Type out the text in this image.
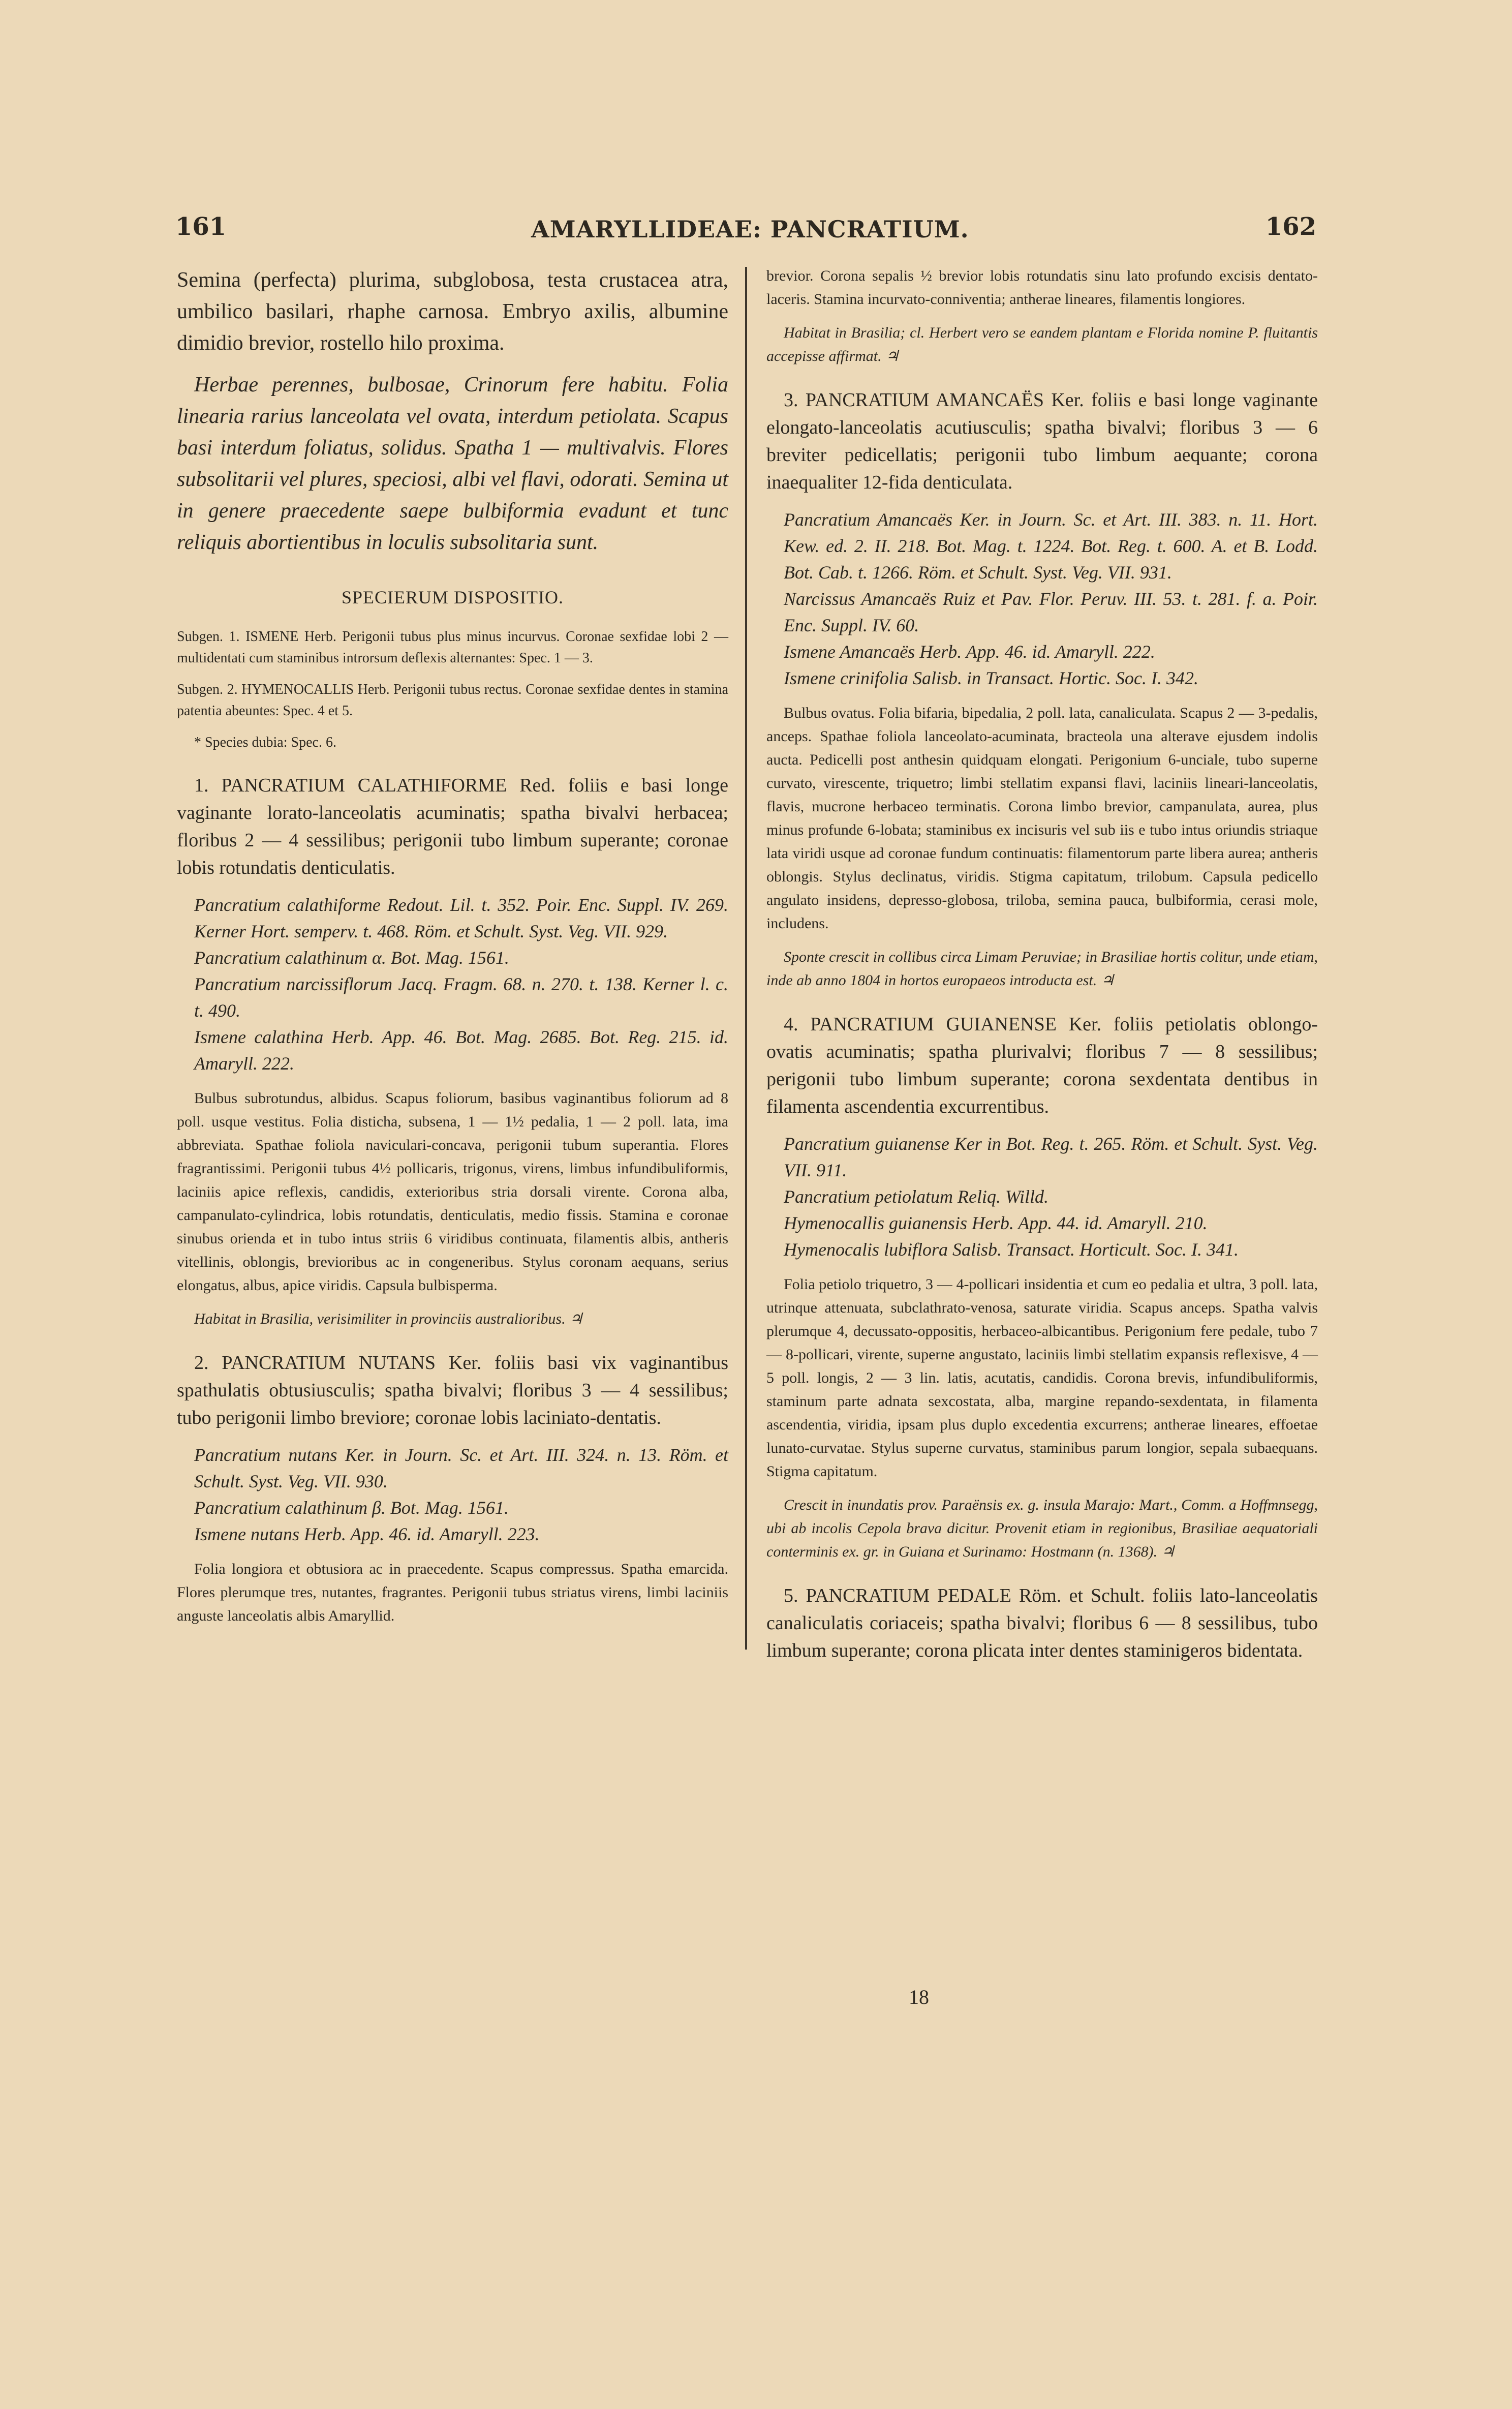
161	AMARYLLIDEAE: PANCRATIUM.	162

Semina (perfecta) plurima, subglobosa, testa crustacea atra, umbilico basilari, rhaphe carnosa. Embryo axilis, albumine dimidio brevior, rostello hilo proxima.

Herbae perennes, bulbosae, Crinorum fere habitu. Folia linearia rarius lanceolata vel ovata, interdum petiolata. Scapus basi interdum foliatus, solidus. Spatha 1 — multivalvis. Flores subsolitarii vel plures, speciosi, albi vel flavi, odorati. Semina ut in genere praecedente saepe bulbiformia evadunt et tunc reliquis abortientibus in loculis subsolitaria sunt.

SPECIERUM DISPOSITIO.

Subgen. 1. ISMENE Herb. Perigonii tubus plus minus incurvus. Coronae sexfidae lobi 2 — multidentati cum staminibus introrsum deflexis alternantes: Spec. 1 — 3.

Subgen. 2. HYMENOCALLIS Herb. Perigonii tubus rectus. Coronae sexfidae dentes in stamina patentia abeuntes: Spec. 4 et 5.

* Species dubia: Spec. 6.

1. PANCRATIUM CALATHIFORME Red. foliis e basi longe vaginante lorato-lanceolatis acuminatis; spatha bivalvi herbacea; floribus 2 — 4 sessilibus; perigonii tubo limbum superante; coronae lobis rotundatis denticulatis.

Pancratium calathiforme Redout. Lil. t. 352. Poir. Enc. Suppl. IV. 269. Kerner Hort. semperv. t. 468. Röm. et Schult. Syst. Veg. VII. 929.

Pancratium calathinum α. Bot. Mag. 1561.

Pancratium narcissiflorum Jacq. Fragm. 68. n. 270. t. 138. Kerner l. c. t. 490.

Ismene calathina Herb. App. 46. Bot. Mag. 2685. Bot. Reg. 215. id. Amaryll. 222.

Bulbus subrotundus, albidus. Scapus foliorum, basibus vaginantibus foliorum ad 8 poll. usque vestitus. Folia disticha, subsena, 1 — 1½ pedalia, 1 — 2 poll. lata, ima abbreviata. Spathae foliola naviculari-concava, perigonii tubum superantia. Flores fragrantissimi. Perigonii tubus 4½ pollicaris, trigonus, virens, limbus infundibuliformis, laciniis apice reflexis, candidis, exterioribus stria dorsali virente. Corona alba, campanulato-cylindrica, lobis rotundatis, denticulatis, medio fissis. Stamina e coronae sinubus orienda et in tubo intus striis 6 viridibus continuata, filamentis albis, antheris vitellinis, oblongis, brevioribus ac in congeneribus. Stylus coronam aequans, serius elongatus, albus, apice viridis. Capsula bulbisperma.

Habitat in Brasilia, verisimiliter in provinciis australioribus. ♃

2. PANCRATIUM NUTANS Ker. foliis basi vix vaginantibus spathulatis obtusiusculis; spatha bivalvi; floribus 3 — 4 sessilibus; tubo perigonii limbo breviore; coronae lobis laciniato-dentatis.

Pancratium nutans Ker. in Journ. Sc. et Art. III. 324. n. 13. Röm. et Schult. Syst. Veg. VII. 930.

Pancratium calathinum β. Bot. Mag. 1561.

Ismene nutans Herb. App. 46. id. Amaryll. 223.

Folia longiora et obtusiora ac in praecedente. Scapus compressus. Spatha emarcida. Flores plerumque tres, nutantes, fragrantes. Perigonii tubus striatus virens, limbi laciniis anguste lanceolatis albis Amaryllid.

brevior. Corona sepalis ½ brevior lobis rotundatis sinu lato profundo excisis dentato-laceris. Stamina incurvato-conniventia; antherae lineares, filamentis longiores.

Habitat in Brasilia; cl. Herbert vero se eandem plantam e Florida nomine P. fluitantis accepisse affirmat. ♃

3. PANCRATIUM AMANCAËS Ker. foliis e basi longe vaginante elongato-lanceolatis acutiusculis; spatha bivalvi; floribus 3 — 6 breviter pedicellatis; perigonii tubo limbum aequante; corona inaequaliter 12-fida denticulata.

Pancratium Amancaës Ker. in Journ. Sc. et Art. III. 383. n. 11. Hort. Kew. ed. 2. II. 218. Bot. Mag. t. 1224. Bot. Reg. t. 600. A. et B. Lodd. Bot. Cab. t. 1266. Röm. et Schult. Syst. Veg. VII. 931.

Narcissus Amancaës Ruiz et Pav. Flor. Peruv. III. 53. t. 281. f. a. Poir. Enc. Suppl. IV. 60.

Ismene Amancaës Herb. App. 46. id. Amaryll. 222.

Ismene crinifolia Salisb. in Transact. Hortic. Soc. I. 342.

Bulbus ovatus. Folia bifaria, bipedalia, 2 poll. lata, canaliculata. Scapus 2 — 3-pedalis, anceps. Spathae foliola lanceolato-acuminata, bracteola una alterave ejusdem indolis aucta. Pedicelli post anthesin quidquam elongati. Perigonium 6-unciale, tubo superne curvato, virescente, triquetro; limbi stellatim expansi flavi, laciniis lineari-lanceolatis, flavis, mucrone herbaceo terminatis. Corona limbo brevior, campanulata, aurea, plus minus profunde 6-lobata; staminibus ex incisuris vel sub iis e tubo intus oriundis striaque lata viridi usque ad coronae fundum continuatis: filamentorum parte libera aurea; antheris oblongis. Stylus declinatus, viridis. Stigma capitatum, trilobum. Capsula pedicello angulato insidens, depresso-globosa, triloba, semina pauca, bulbiformia, cerasi mole, includens.

Sponte crescit in collibus circa Limam Peruviae; in Brasiliae hortis colitur, unde etiam, inde ab anno 1804 in hortos europaeos introducta est. ♃

4. PANCRATIUM GUIANENSE Ker. foliis petiolatis oblongo-ovatis acuminatis; spatha plurivalvi; floribus 7 — 8 sessilibus; perigonii tubo limbum superante; corona sexdentata dentibus in filamenta ascendentia excurrentibus.

Pancratium guianense Ker in Bot. Reg. t. 265. Röm. et Schult. Syst. Veg. VII. 911.

Pancratium petiolatum Reliq. Willd.

Hymenocallis guianensis Herb. App. 44. id. Amaryll. 210.

Hymenocalis lubiflora Salisb. Transact. Horticult. Soc. I. 341.

Folia petiolo triquetro, 3 — 4-pollicari insidentia et cum eo pedalia et ultra, 3 poll. lata, utrinque attenuata, subclathrato-venosa, saturate viridia. Scapus anceps. Spatha valvis plerumque 4, decussato-oppositis, herbaceo-albicantibus. Perigonium fere pedale, tubo 7 — 8-pollicari, virente, superne angustato, laciniis limbi stellatim expansis reflexisve, 4 — 5 poll. longis, 2 — 3 lin. latis, acutatis, candidis. Corona brevis, infundibuliformis, staminum parte adnata sexcostata, alba, margine repando-sexdentata, in filamenta ascendentia, viridia, ipsam plus duplo excedentia excurrens; antherae lineares, effoetae lunato-curvatae. Stylus superne curvatus, staminibus parum longior, sepala subaequans. Stigma capitatum.

Crescit in inundatis prov. Paraënsis ex. g. insula Marajo: Mart., Comm. a Hoffmnsegg, ubi ab incolis Cepola brava dicitur. Provenit etiam in regionibus, Brasiliae aequatoriali conterminis ex. gr. in Guiana et Surinamo: Hostmann (n. 1368). ♃

5. PANCRATIUM PEDALE Röm. et Schult. foliis lato-lanceolatis canaliculatis coriaceis; spatha bivalvi; floribus 6 — 8 sessilibus, tubo limbum superante; corona plicata inter dentes staminigeros bidentata.

18
